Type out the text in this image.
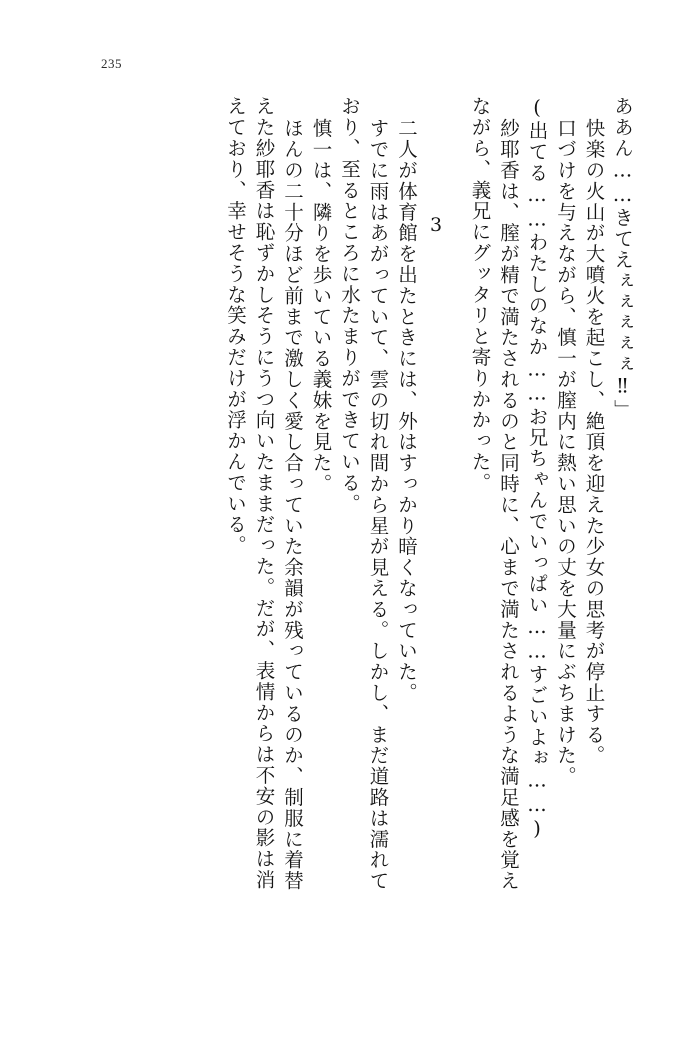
235
ああん……きてえぇぇぇぇぇ‼」
快楽の火山が大噴火を起こし、絶頂を迎えた少女の思考が停止する。
口づけを与えながら、慎一が膣内に熱い思いの丈を大量にぶちまけた。
(出てる……わたしのなか……お兄ちゃんでいっぱい……すごいよぉ……)
紗耶香は、膣が精で満たされるのと同時に、心まで満たされるような満足感を覚え
ながら、義兄にグッタリと寄りかかった。
3
二人が体育館を出たときには、外はすっかり暗くなっていた。
すでに雨はあがっていて、雲の切れ間から星が見える。しかし、まだ道路は濡れて
おり、至るところに水たまりができている。
慎一は、隣りを歩いている義妹を見た。
ほんの二十分ほど前まで激しく愛し合っていた余韻が残っているのか、制服に着替
えた紗耶香は恥ずかしそうにうつ向いたままだった。だが、表情からは不安の影は消
えており、幸せそうな笑みだけが浮かんでいる。
